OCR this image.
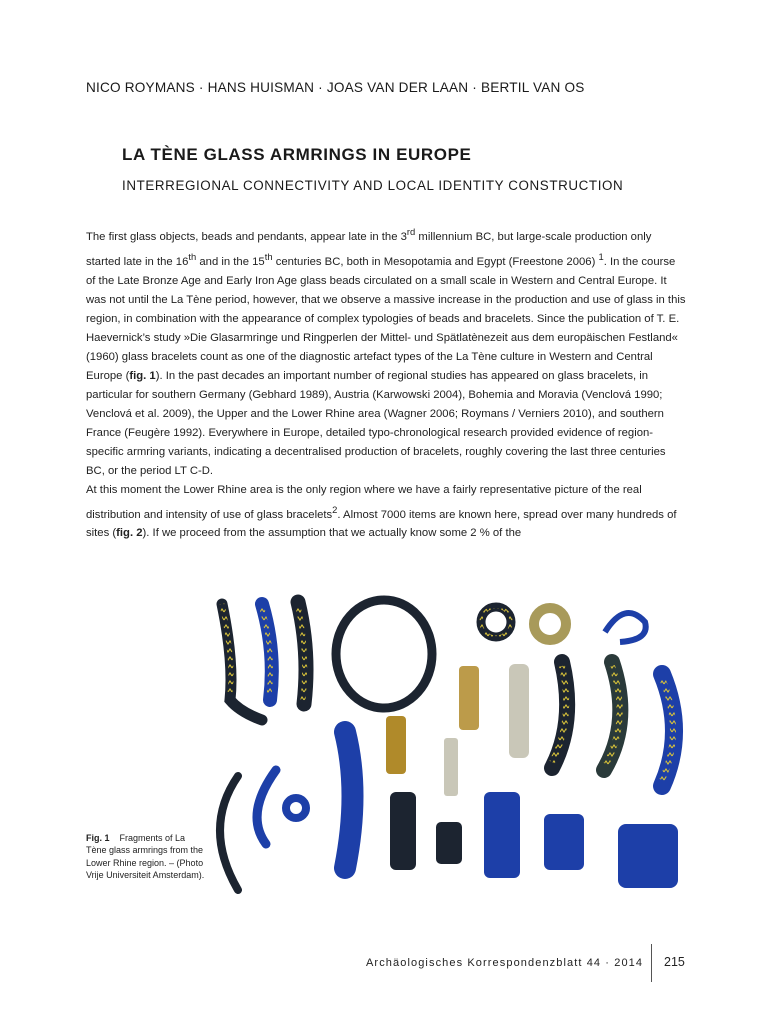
NICO ROYMANS · HANS HUISMAN · JOAS VAN DER LAAN · BERTIL VAN OS
LA TÈNE GLASS ARMRINGS IN EUROPE
INTERREGIONAL CONNECTIVITY AND LOCAL IDENTITY CONSTRUCTION

The first glass objects, beads and pendants, appear late in the 3rd millennium BC, but large-scale production only started late in the 16th and in the 15th centuries BC, both in Mesopotamia and Egypt (Freestone 2006) $^1$. In the course of the Late Bronze Age and Early Iron Age glass beads circulated on a small scale in Western and Central Europe. It was not until the La Tène period, however, that we observe a massive increase in the production and use of glass in this region, in combination with the appearance of complex typologies of beads and bracelets. Since the publication of T. E. Haevernick’s study »Die Glasarmringe und Ringperlen der Mittel- und Spätlatènezeit aus dem europäischen Festland« (1960) glass bracelets count as one of the diagnostic artefact types of the La Tène culture in Western and Central Europe (fig. 1). In the past decades an important number of regional studies has appeared on glass bracelets, in particular for southern Germany (Gebhard 1989), Austria (Karwowski 2004), Bohemia and Moravia (Venclová 1990; Venclová et al. 2009), the Upper and the Lower Rhine area (Wagner 2006; Roymans / Verniers 2010), and southern France (Feugère 1992). Everywhere in Europe, detailed typo-chronological research provided evidence of region-specific armring variants, indicating a decentralised production of bracelets, roughly covering the last three centuries BC, or the period LT C-D.

At this moment the Lower Rhine area is the only region where we have a fairly representative picture of the real distribution and intensity of use of glass bracelets$^2$. Almost 7000 items are known here, spread over many hundreds of sites (fig. 2). If we proceed from the assumption that we actually know some 2 % of the

Fig. 1 Fragments of La Tène glass armrings from the Lower Rhine region. – (Photo Vrije Universiteit Amsterdam).
Archäologisches Korrespondenzblatt 44 · 2014 215
